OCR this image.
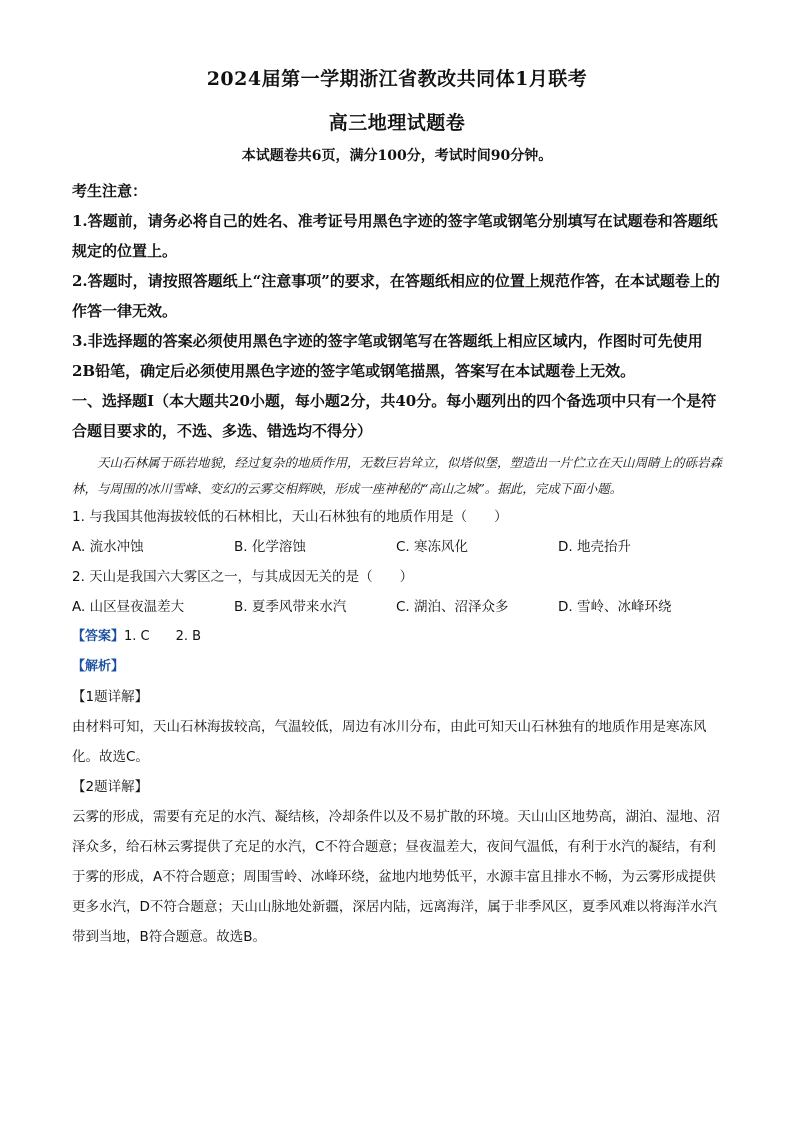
2024届第一学期浙江省教改共同体1月联考
高三地理试题卷
本试题卷共6页，满分100分，考试时间90分钟。

考生注意：

1.答题前，请务必将自己的姓名、准考证号用黑色字迹的签字笔或钢笔分别填写在试题卷和答题纸规定的位置上。

2.答题时，请按照答题纸上“注意事项”的要求，在答题纸相应的位置上规范作答，在本试题卷上的作答一律无效。

3.非选择题的答案必须使用黑色字迹的签字笔或钢笔写在答题纸上相应区域内，作图时可先使用2B铅笔，确定后必须使用黑色字迹的签字笔或钢笔描黑，答案写在本试题卷上无效。

一、选择题Ⅰ（本大题共20小题，每小题2分，共40分。每小题列出的四个备选项中只有一个是符合题目要求的，不选、多选、错选均不得分）

天山石林属于砾岩地貌，经过复杂的地质作用，无数巨岩耸立，似塔似堡，塑造出一片伫立在天山周睛上的砾岩森林，与周围的冰川雪峰、变幻的云雾交相辉映，形成一座神秘的“高山之城”。据此，完成下面小题。

1. 与我国其他海拔较低的石林相比，天山石林独有的地质作用是（　　）

A. 流水冲蚀	B. 化学溶蚀	C. 寒冻风化	D. 地壳抬升

2. 天山是我国六大雾区之一，与其成因无关的是（　　）

A. 山区昼夜温差大	B. 夏季风带来水汽	C. 湖泊、沼泽众多	D. 雪岭、冰峰环绕

【答案】1. C 2. B

【解析】

【1题详解】

由材料可知，天山石林海拔较高，气温较低，周边有冰川分布，由此可知天山石林独有的地质作用是寒冻风化。故选C。

【2题详解】

云雾的形成，需要有充足的水汽、凝结核，冷却条件以及不易扩散的环境。天山山区地势高，湖泊、湿地、沼泽众多，给石林云雾提供了充足的水汽，C不符合题意；昼夜温差大，夜间气温低，有利于水汽的凝结，有利于雾的形成，A不符合题意；周围雪岭、冰峰环绕，盆地内地势低平，水源丰富且排水不畅，为云雾形成提供更多水汽，D不符合题意；天山山脉地处新疆，深居内陆，远离海洋，属于非季风区，夏季风难以将海洋水汽带到当地，B符合题意。故选B。
